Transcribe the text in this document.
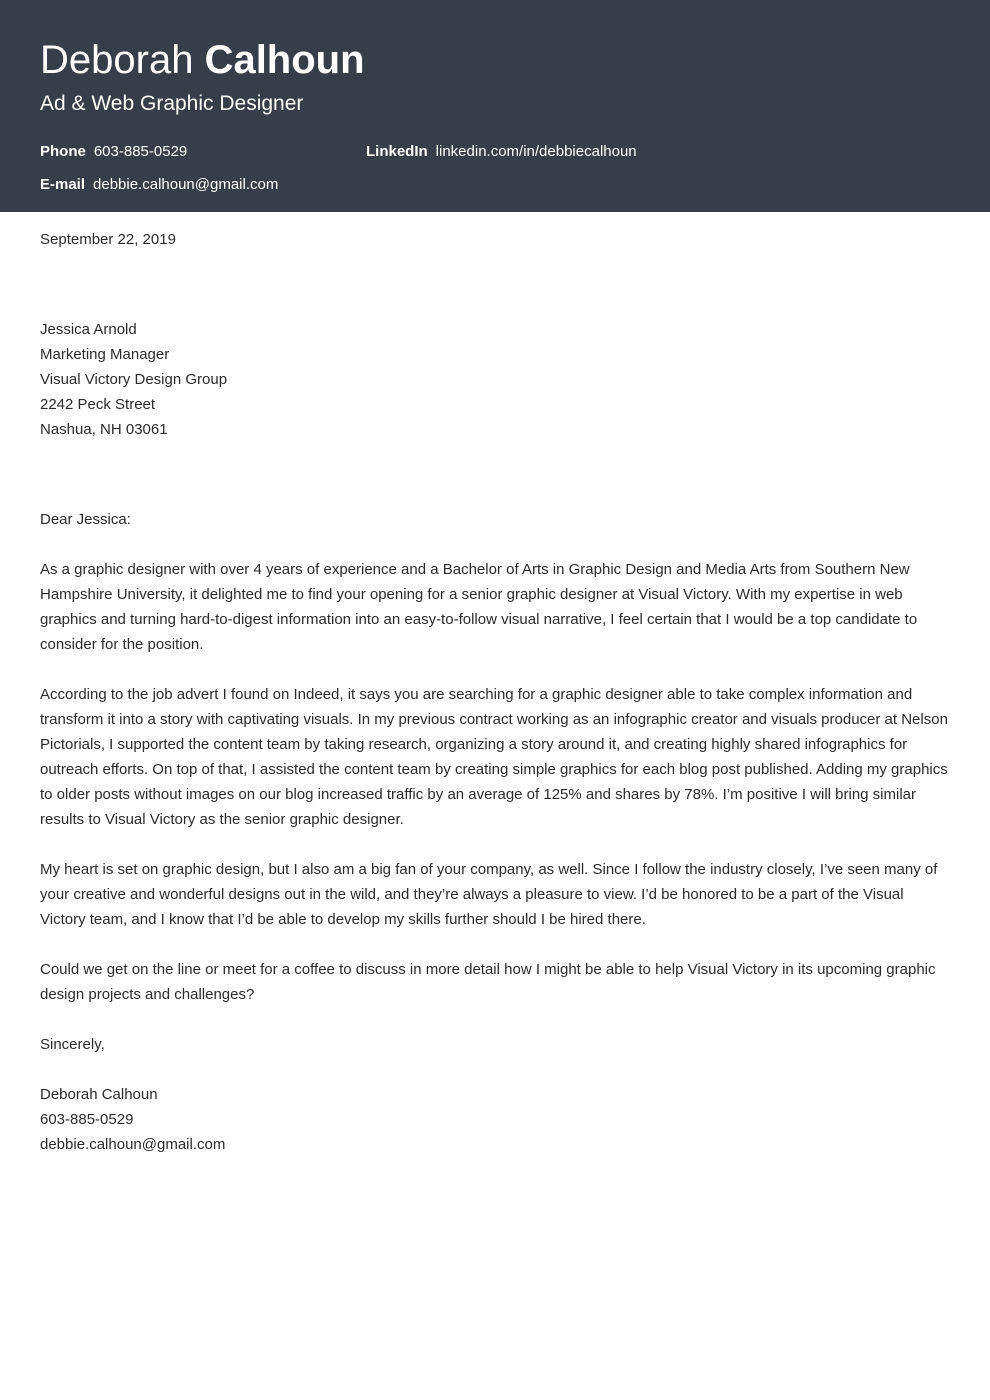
Deborah Calhoun
Ad & Web Graphic Designer
Phone 603-885-0529	LinkedIn linkedin.com/in/debbiecalhoun
E-mail debbie.calhoun@gmail.com
September 22, 2019
Jessica Arnold
Marketing Manager
Visual Victory Design Group
2242 Peck Street
Nashua, NH 03061
Dear Jessica:

As a graphic designer with over 4 years of experience and a Bachelor of Arts in Graphic Design and Media Arts from Southern New Hampshire University, it delighted me to find your opening for a senior graphic designer at Visual Victory. With my expertise in web graphics and turning hard-to-digest information into an easy-to-follow visual narrative, I feel certain that I would be a top candidate to consider for the position.

According to the job advert I found on Indeed, it says you are searching for a graphic designer able to take complex information and transform it into a story with captivating visuals. In my previous contract working as an infographic creator and visuals producer at Nelson Pictorials, I supported the content team by taking research, organizing a story around it, and creating highly shared infographics for outreach efforts. On top of that, I assisted the content team by creating simple graphics for each blog post published. Adding my graphics to older posts without images on our blog increased traffic by an average of 125% and shares by 78%. I’m positive I will bring similar results to Visual Victory as the senior graphic designer.

My heart is set on graphic design, but I also am a big fan of your company, as well. Since I follow the industry closely, I’ve seen many of your creative and wonderful designs out in the wild, and they’re always a pleasure to view. I’d be honored to be a part of the Visual Victory team, and I know that I’d be able to develop my skills further should I be hired there.

Could we get on the line or meet for a coffee to discuss in more detail how I might be able to help Visual Victory in its upcoming graphic design projects and challenges?

Sincerely,
Deborah Calhoun
603-885-0529
debbie.calhoun@gmail.com
